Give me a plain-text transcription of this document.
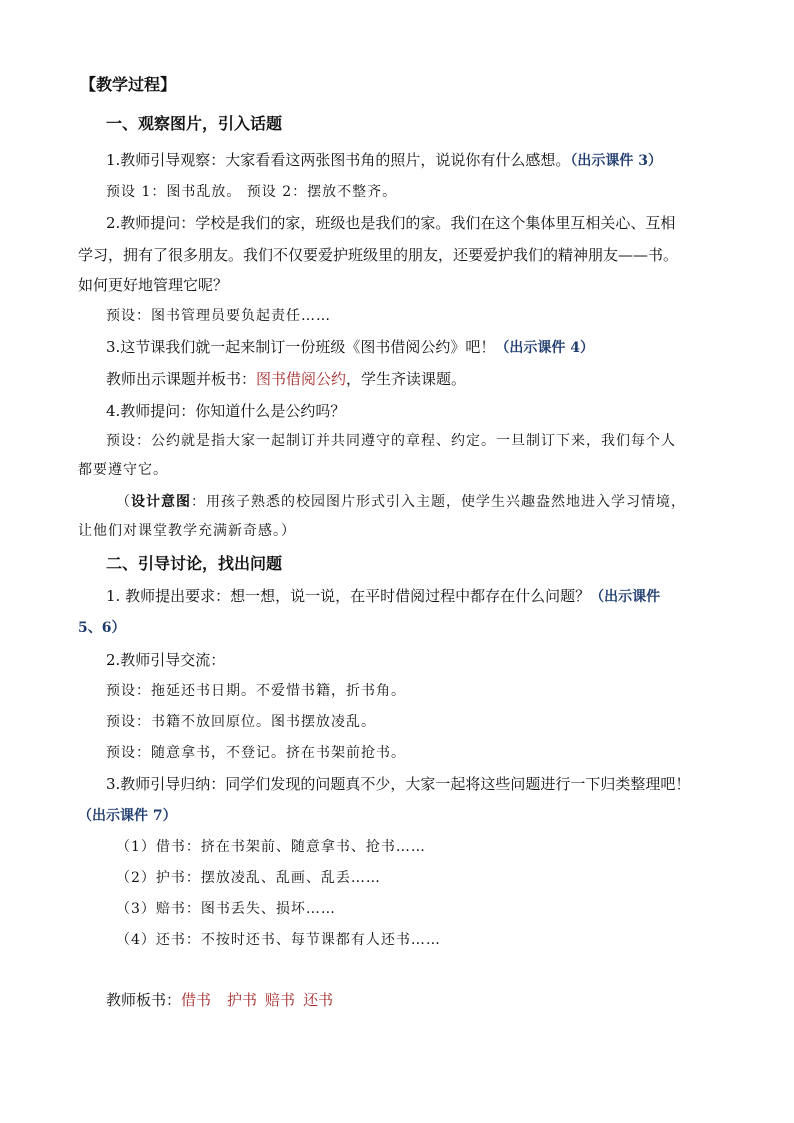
【教学过程】
一、观察图片，引入话题
1.教师引导观察：大家看看这两张图书角的照片，说说你有什么感想。（出示课件 3）
预设 1：图书乱放。 预设 2：摆放不整齐。
2.教师提问：学校是我们的家，班级也是我们的家。我们在这个集体里互相关心、互相
学习，拥有了很多朋友。我们不仅要爱护班级里的朋友，还要爱护我们的精神朋友——书。
如何更好地管理它呢？
预设：图书管理员要负起责任……
3.这节课我们就一起来制订一份班级《图书借阅公约》吧！（出示课件 4）
教师出示课题并板书：图书借阅公约，学生齐读课题。
4.教师提问：你知道什么是公约吗？
预设：公约就是指大家一起制订并共同遵守的章程、约定。一旦制订下来，我们每个人
都要遵守它。
（设计意图：用孩子熟悉的校园图片形式引入主题，使学生兴趣盎然地进入学习情境，
让他们对课堂教学充满新奇感。）
二、引导讨论，找出问题
1. 教师提出要求：想一想，说一说，在平时借阅过程中都存在什么问题？（出示课件
5、6）
2.教师引导交流：
预设：拖延还书日期。不爱惜书籍，折书角。
预设：书籍不放回原位。图书摆放凌乱。
预设：随意拿书，不登记。挤在书架前抢书。
3.教师引导归纳：同学们发现的问题真不少，大家一起将这些问题进行一下归类整理吧！
（出示课件 7）
（1）借书：挤在书架前、随意拿书、抢书……
（2）护书：摆放凌乱、乱画、乱丢……
（3）赔书：图书丢失、损坏……
（4）还书：不按时还书、每节课都有人还书……
教师板书：借书 护书 赔书 还书
